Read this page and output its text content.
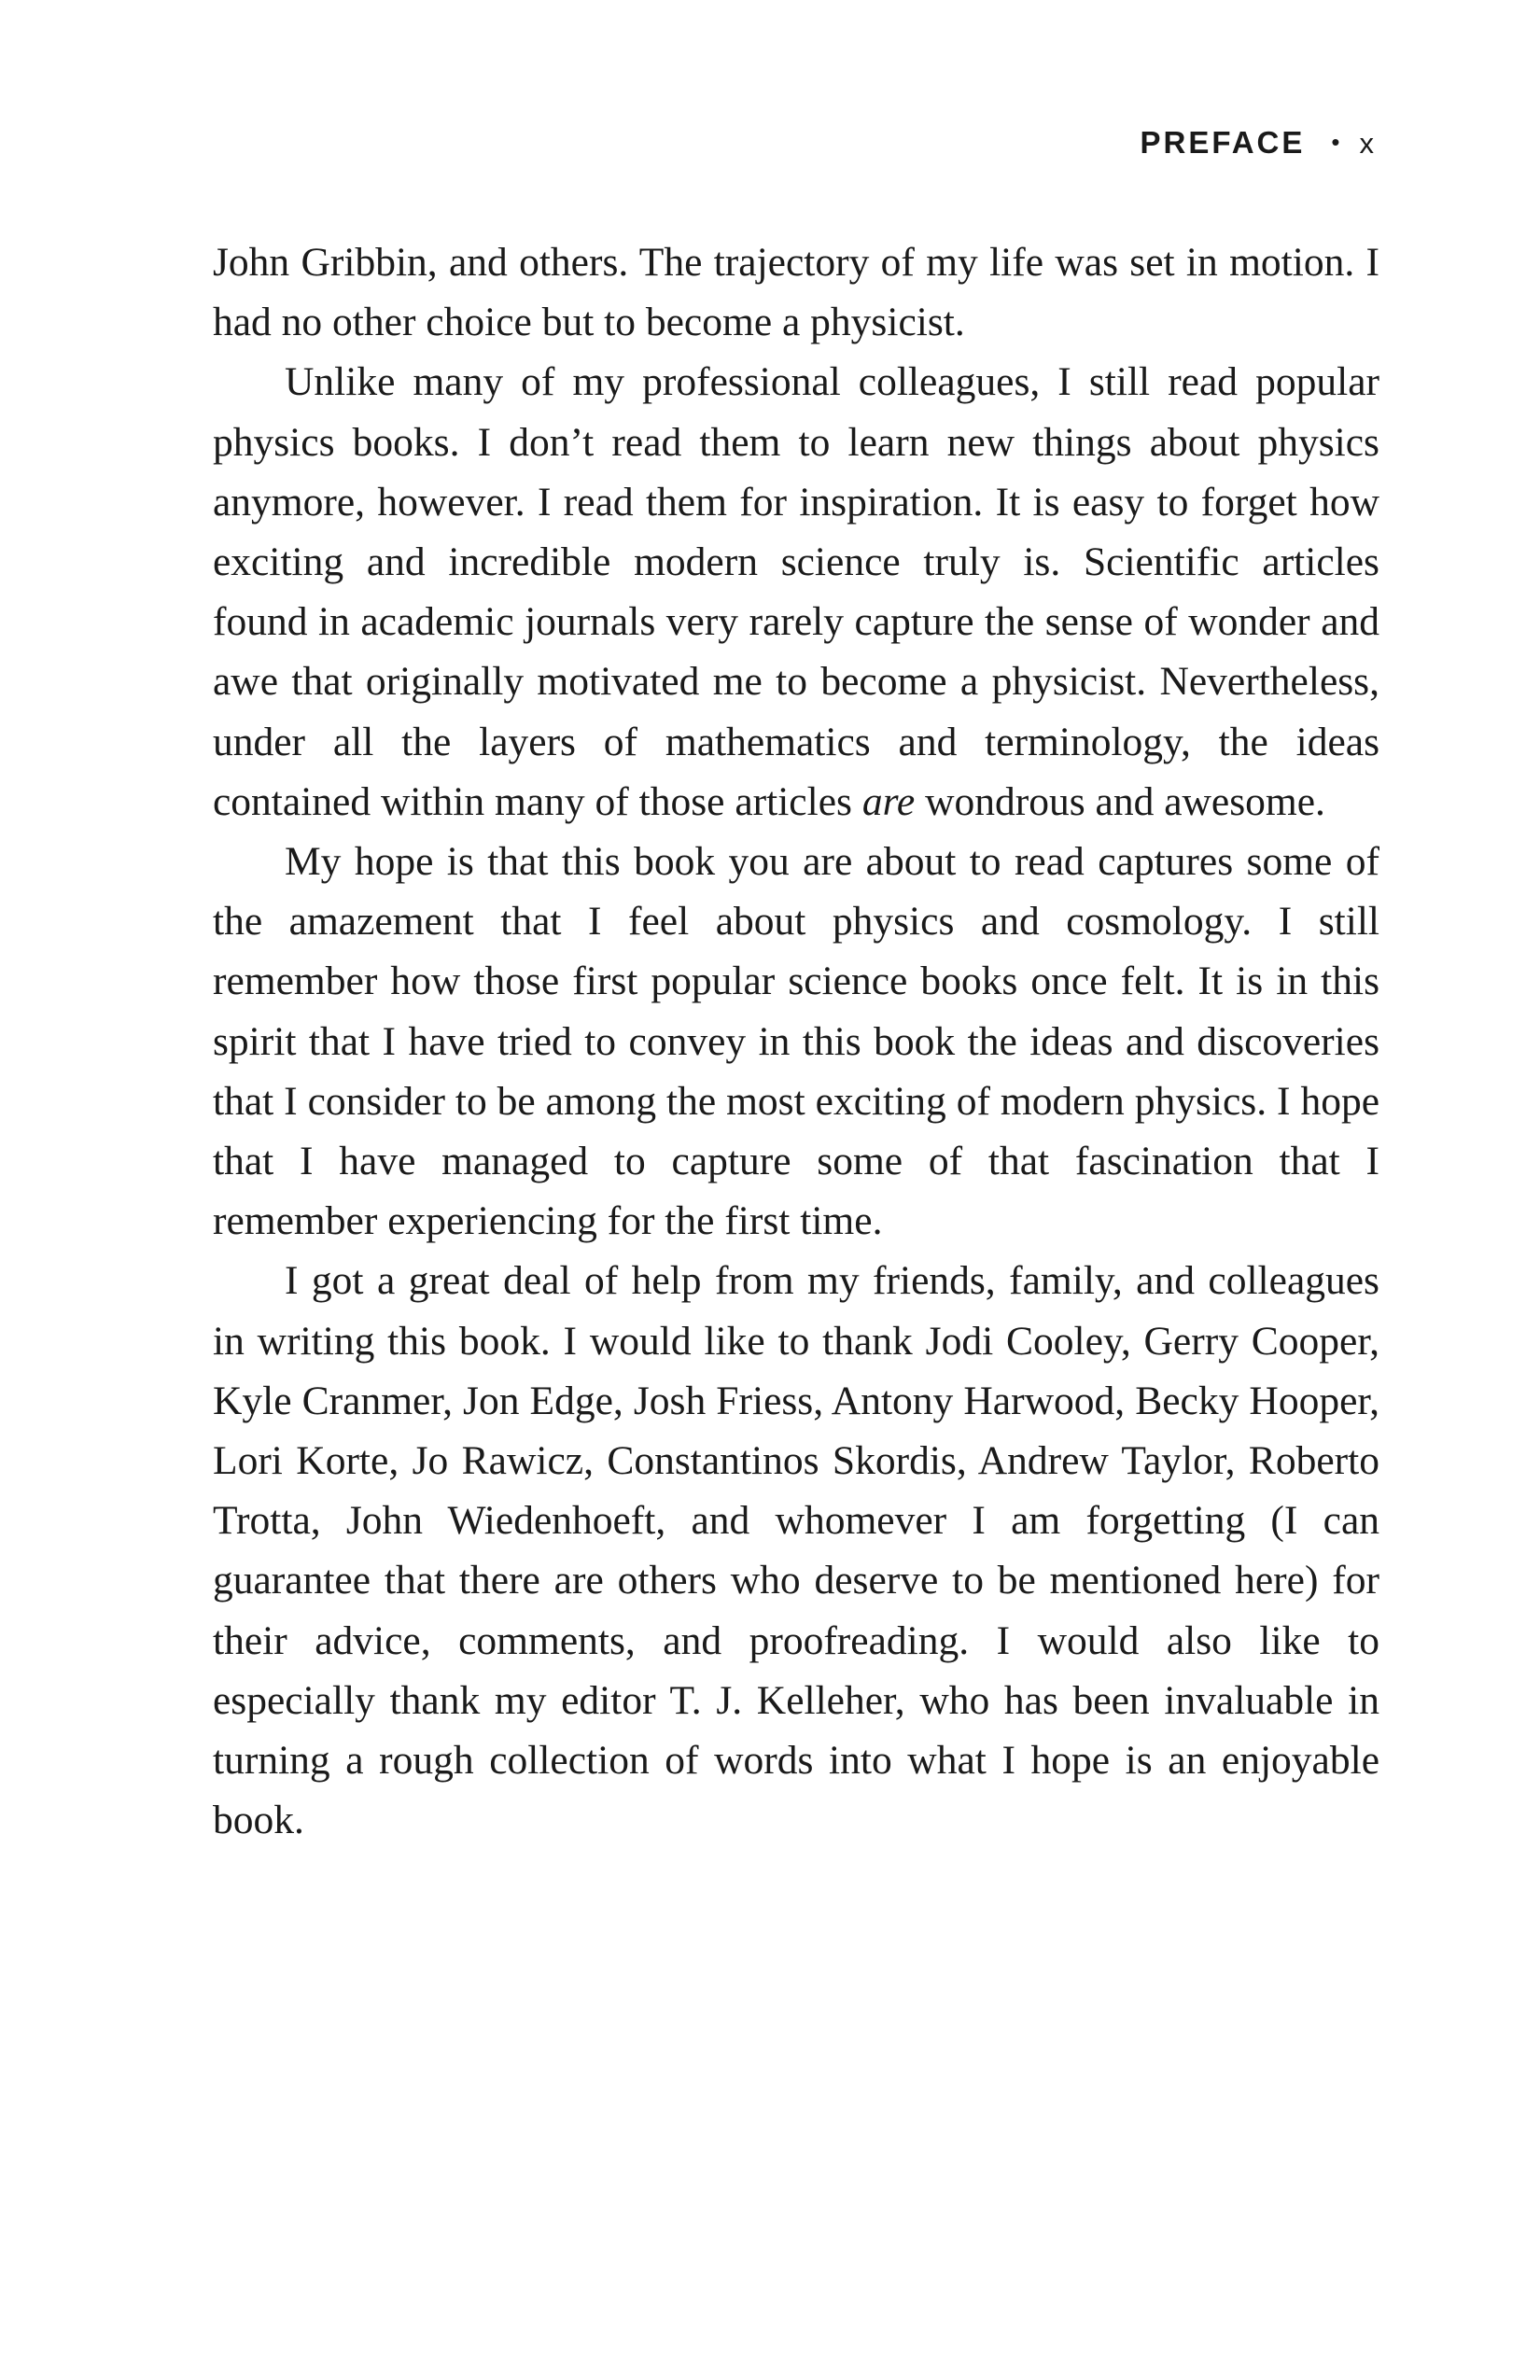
PREFACE • x

John Gribbin, and others. The trajectory of my life was set in motion. I had no other choice but to become a physicist.

Unlike many of my professional colleagues, I still read popular physics books. I don’t read them to learn new things about physics anymore, however. I read them for inspiration. It is easy to forget how exciting and incredible modern science truly is. Scientific articles found in academic journals very rarely capture the sense of wonder and awe that originally motivated me to become a physicist. Nevertheless, under all the layers of mathematics and terminology, the ideas contained within many of those articles are wondrous and awesome.

My hope is that this book you are about to read captures some of the amazement that I feel about physics and cosmology. I still remember how those first popular science books once felt. It is in this spirit that I have tried to convey in this book the ideas and discoveries that I consider to be among the most exciting of modern physics. I hope that I have managed to capture some of that fascination that I remember experiencing for the first time.

I got a great deal of help from my friends, family, and colleagues in writing this book. I would like to thank Jodi Cooley, Gerry Cooper, Kyle Cranmer, Jon Edge, Josh Friess, Antony Harwood, Becky Hooper, Lori Korte, Jo Rawicz, Constantinos Skordis, Andrew Taylor, Roberto Trotta, John Wiedenhoeft, and whomever I am forgetting (I can guarantee that there are others who deserve to be mentioned here) for their advice, comments, and proofreading. I would also like to especially thank my editor T. J. Kelleher, who has been invaluable in turning a rough collection of words into what I hope is an enjoyable book.
